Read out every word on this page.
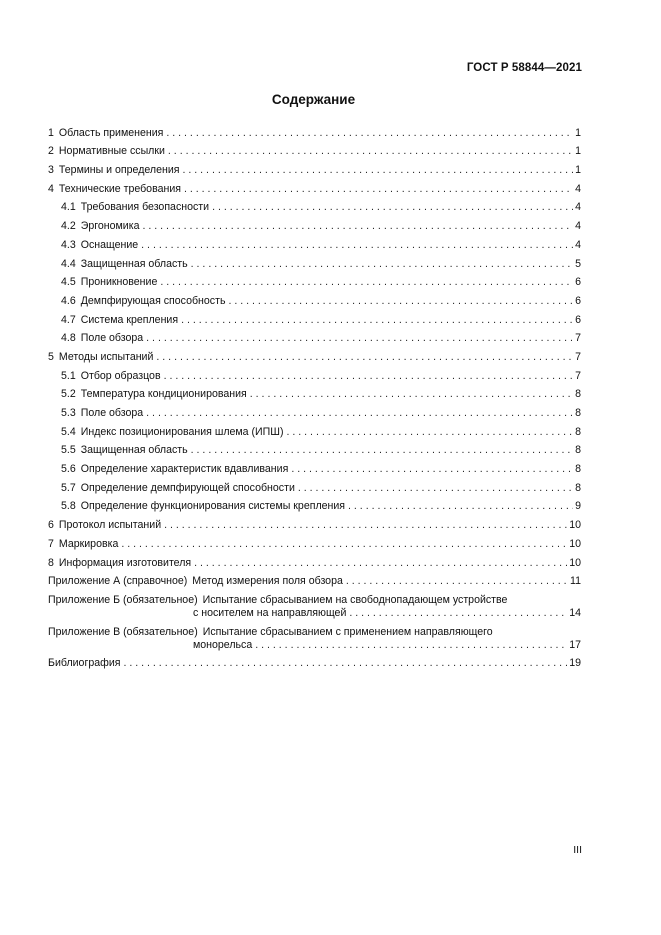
ГОСТ Р 58844—2021
Содержание
1 Область применения . . .	1
2 Нормативные ссылки . . .	1
3 Термины и определения . . .	1
4 Технические требования . . .	4
4.1 Требования безопасности . . .	4
4.2 Эргономика . . .	4
4.3 Оснащение . . .	4
4.4 Защищенная область . . .	5
4.5 Проникновение . . .	6
4.6 Демпфирующая способность . . .	6
4.7 Система крепления . . .	6
4.8 Поле обзора . . .	7
5 Методы испытаний . . .	7
5.1 Отбор образцов . . .	7
5.2 Температура кондиционирования . . .	8
5.3 Поле обзора . . .	8
5.4 Индекс позиционирования шлема (ИПШ) . . .	8
5.5 Защищенная область . . .	8
5.6 Определение характеристик вдавливания . . .	8
5.7 Определение демпфирующей способности . . .	8
5.8 Определение функционирования системы крепления . . .	9
6 Протокол испытаний . . .	10
7 Маркировка . . .	10
8 Информация изготовителя . . .	10
Приложение А (справочное) Метод измерения поля обзора . . .	11
Приложение Б (обязательное) Испытание сбрасыванием на свободнопадающем устройстве
с носителем на направляющей . . .	14
Приложение В (обязательное) Испытание сбрасыванием с применением направляющего
монорельса . . .	17
Библиография . . .	19
III
